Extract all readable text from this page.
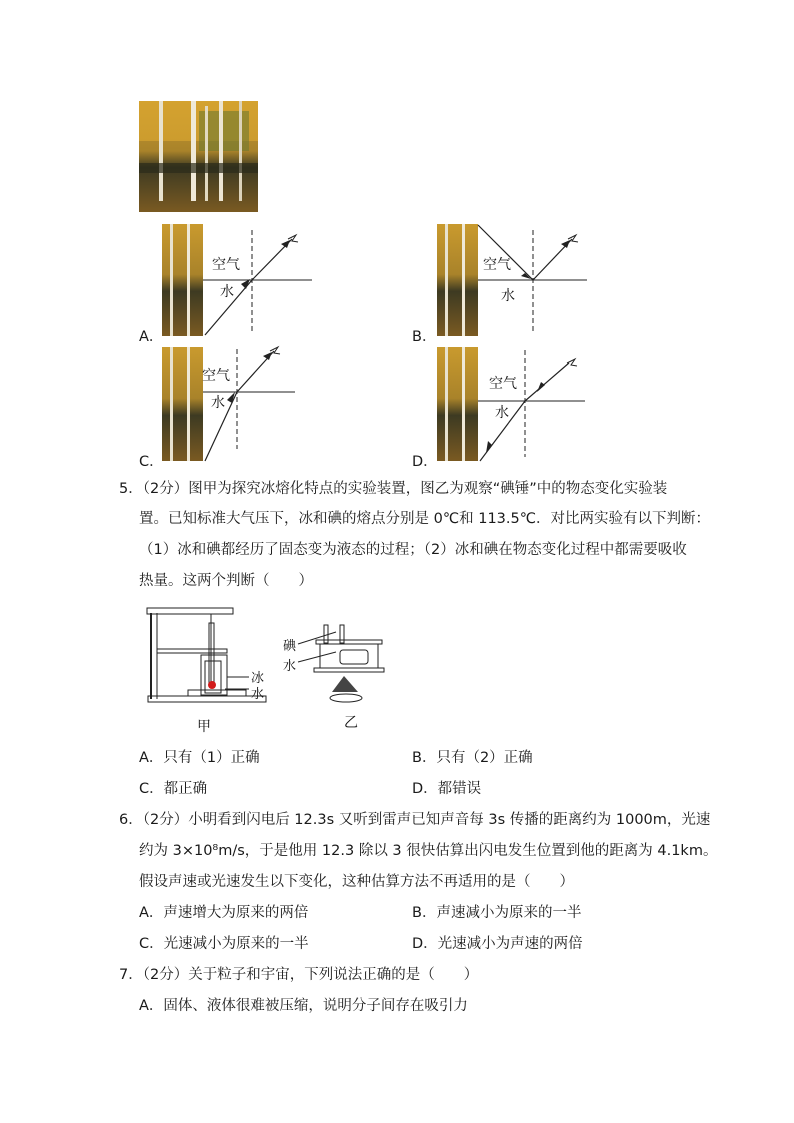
空气
水
A．
空气
水
B．
空气
水
C．
空气
水
D．
5．（2分）图甲为探究冰熔化特点的实验装置，图乙为观察“碘锤”中的物态变化实验装
置。已知标准大气压下，冰和碘的熔点分别是 0℃和 113.5℃．对比两实验有以下判断：
（1）冰和碘都经历了固态变为液态的过程；（2）冰和碘在物态变化过程中都需要吸收
热量。这两个判断（　　）
冰
水
甲
碘
水
乙
A．只有（1）正确	B．只有（2）正确
C．都正确	D．都错误
6．（2分）小明看到闪电后 12.3s 又听到雷声已知声音每 3s 传播的距离约为 1000m，光速
约为 3×10⁸m/s，于是他用 12.3 除以 3 很快估算出闪电发生位置到他的距离为 4.1km。
假设声速或光速发生以下变化，这种估算方法不再适用的是（　　）
A．声速增大为原来的两倍	B．声速减小为原来的一半
C．光速减小为原来的一半	D．光速减小为声速的两倍
7．（2分）关于粒子和宇宙，下列说法正确的是（　　）
A．固体、液体很难被压缩，说明分子间存在吸引力
